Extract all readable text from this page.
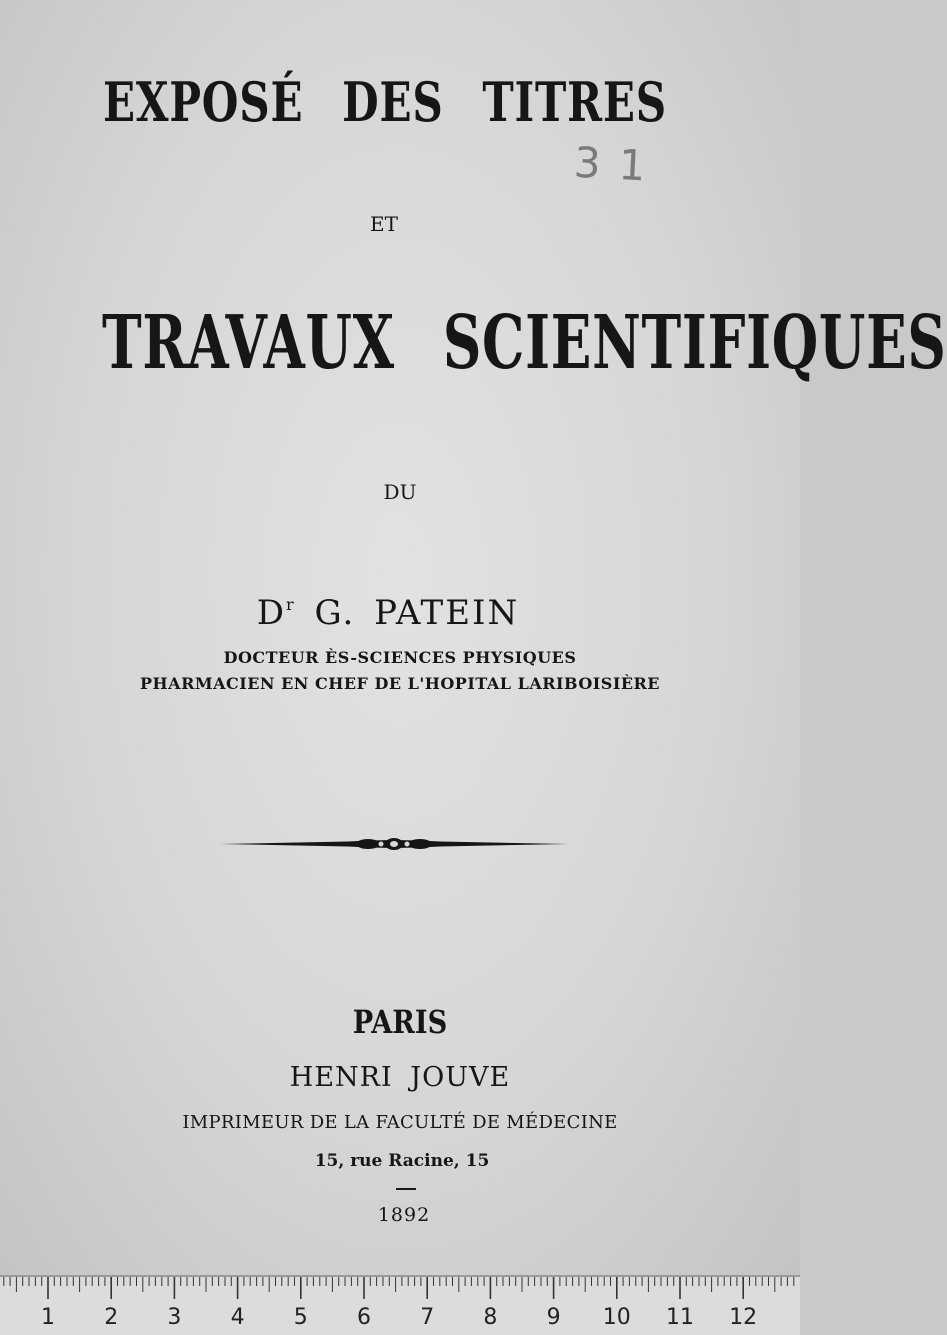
EXPOSÉ DES TITRES
31
ET
TRAVAUX SCIENTIFIQUES
DU
$D^r$ G. PATEIN
DOCTEUR ÈS-SCIENCES PHYSIQUES
PHARMACIEN EN CHEF DE L'HOPITAL LARIBOISIÈRE
PARIS
HENRI JOUVE
IMPRIMEUR DE LA FACULTÉ DE MÉDECINE
15, rue Racine, 15
1892
1 2 3 4 5 6 7 8 9 10 11 12
